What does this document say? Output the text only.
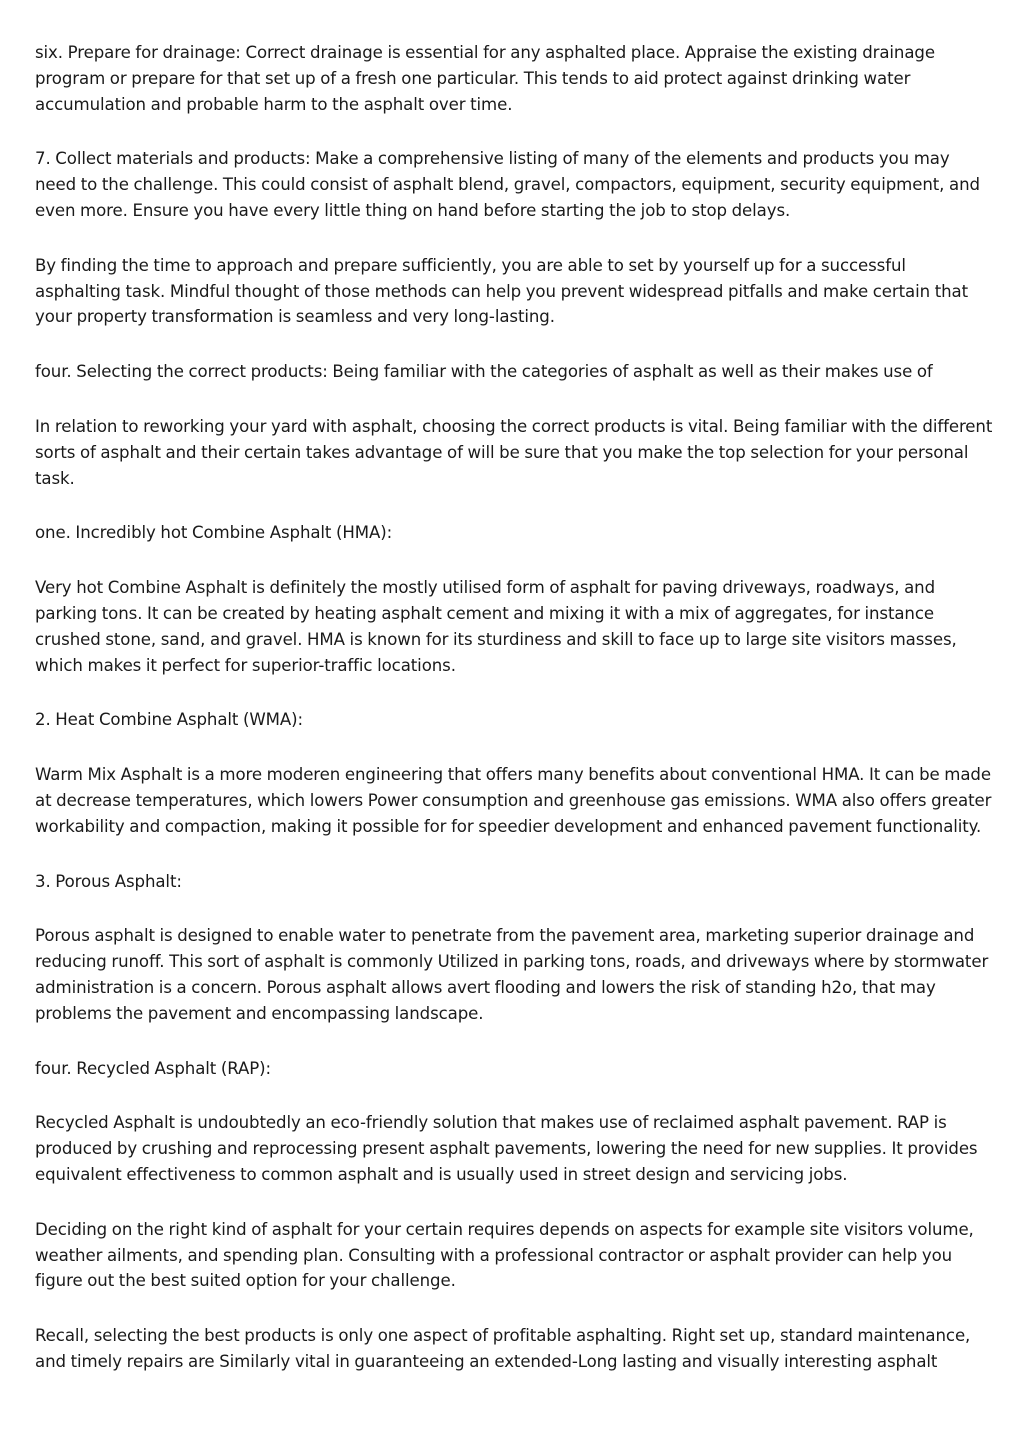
six. Prepare for drainage: Correct drainage is essential for any asphalted place. Appraise the existing drainage program or prepare for that set up of a fresh one particular. This tends to aid protect against drinking water accumulation and probable harm to the asphalt over time.

7. Collect materials and products: Make a comprehensive listing of many of the elements and products you may need to the challenge. This could consist of asphalt blend, gravel, compactors, equipment, security equipment, and even more. Ensure you have every little thing on hand before starting the job to stop delays.

By finding the time to approach and prepare sufficiently, you are able to set by yourself up for a successful asphalting task. Mindful thought of those methods can help you prevent widespread pitfalls and make certain that your property transformation is seamless and very long-lasting.

four. Selecting the correct products: Being familiar with the categories of asphalt as well as their makes use of

In relation to reworking your yard with asphalt, choosing the correct products is vital. Being familiar with the different sorts of asphalt and their certain takes advantage of will be sure that you make the top selection for your personal task.

one. Incredibly hot Combine Asphalt (HMA):

Very hot Combine Asphalt is definitely the mostly utilised form of asphalt for paving driveways, roadways, and parking tons. It can be created by heating asphalt cement and mixing it with a mix of aggregates, for instance crushed stone, sand, and gravel. HMA is known for its sturdiness and skill to face up to large site visitors masses, which makes it perfect for superior-traffic locations.

2. Heat Combine Asphalt (WMA):

Warm Mix Asphalt is a more moderen engineering that offers many benefits about conventional HMA. It can be made at decrease temperatures, which lowers Power consumption and greenhouse gas emissions. WMA also offers greater workability and compaction, making it possible for for speedier development and enhanced pavement functionality.

3. Porous Asphalt:

Porous asphalt is designed to enable water to penetrate from the pavement area, marketing superior drainage and reducing runoff. This sort of asphalt is commonly Utilized in parking tons, roads, and driveways where by stormwater administration is a concern. Porous asphalt allows avert flooding and lowers the risk of standing h2o, that may problems the pavement and encompassing landscape.

four. Recycled Asphalt (RAP):

Recycled Asphalt is undoubtedly an eco-friendly solution that makes use of reclaimed asphalt pavement. RAP is produced by crushing and reprocessing present asphalt pavements, lowering the need for new supplies. It provides equivalent effectiveness to common asphalt and is usually used in street design and servicing jobs.

Deciding on the right kind of asphalt for your certain requires depends on aspects for example site visitors volume, weather ailments, and spending plan. Consulting with a professional contractor or asphalt provider can help you figure out the best suited option for your challenge.

Recall, selecting the best products is only one aspect of profitable asphalting. Right set up, standard maintenance, and timely repairs are Similarly vital in guaranteeing an extended-Long lasting and visually interesting asphalt
